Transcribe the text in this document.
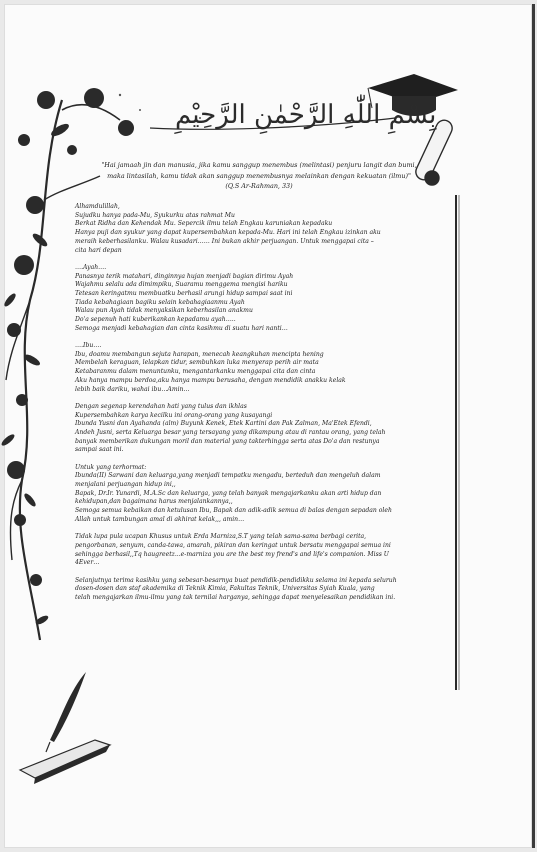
بِسْمِ اللّٰهِ الرَّحْمٰنِ الرَّحِيْمِ
"Hai jamaah jin dan manusia, jika kamu sanggup menembus (melintasi) penjuru langit dan bumi, maka lintasilah, kamu tidak akan sanggup menembusnya melainkan dengan kekuatan (ilmu)" (Q.S Ar-Rahman, 33)

Alhamdulillah,

Sujudku hanya pada-Mu, Syukurku atas rahmat Mu

Berkat Ridha dan Kehendak Mu. Sepercik ilmu telah Engkau karuniakan kepadaku

Hanya puji dan syukur yang dapat kupersembahkan kepada-Mu. Hari ini telah Engkau izinkan aku

meraih keberhasilanku. Walau kusadari…… Ini bukan akhir perjuangan. Untuk menggapai cita –

cita hari depan

….Ayah….

Panasnya terik matahari, dinginnya hujan menjadi bagian dirimu Ayah

Wajahmu selalu ada dimimpiku, Suaramu menggema mengisi hariku

Tetesan keringatmu membuatku berhasil arungi hidup sampai saat ini

Tiada kebahagiaan bagiku selain kebahagiaanmu Ayah

Walau pun Ayah tidak menyaksikan keberhasilan anakmu

Do'a sepenuh hati kuberikankan kepadamu ayah…..

Semoga menjadi kebahagian dan cinta kasihmu di suatu hari nanti…

….Ibu….

Ibu, doamu membangun sejuta harapan, menecah keangkuhan mencipta hening

Membelah keraguan, lelapkan tidur, sembuhkan luka menyerap perih air mata

Ketabaranmu dalam menuntunku, mengantarkanku menggapai cita dan cinta

Aku hanya mampu berdoa,aku hanya mampu berusaha, dengan mendidik anakku kelak

lebih baik dariku, wahai ibu…Amin…

Dengan segenap kerendahan hati yang tulus dan ikhlas

Kupersembahkan karya kecilku ini orang-orang yang kusayangi

Ibunda Yusni dan Ayahanda (alm) Buyunk Kenek, Etek Kartini dan Pak Zalman, Ma'Etek Efendi,

Andeh Jusni, serta Keluarga besar yang tersayang yang dikampung atau di rantau orang, yang telah

banyak memberikan dukungan moril dan material yang takterhingga serta atas Do'a dan restunya

sampai saat ini.

Untuk yang terhormat:

Ibunda(II) Sarwani dan keluarga,yang menjadi tempatku mengadu, berteduh dan mengeluh dalam

menjalani perjuangan hidup ini,,

Bapak, Dr.Ir. Yunardi, M.A.Sc dan keluarga, yang telah banyak mengajarkanku akan arti hidup dan

kehidupan,dan bagaimana harus menjalankannya,,

Semoga semua kebaikan dan ketulusan Ibu, Bapak dan adik-adik semua di balas dengan sepadan oleh

Allah untuk tambungan amal di akhirat kelak,,, amin…

Tidak lupa pula ucapan Khusus untuk Erda Marniza,S.T yang telah sama-sama berbagi cerita,

pengorbanan, senyum, canda-tawa, amarah, pikiran dan keringat untuk bersatu menggapai semua ini

sehingga berhasil,,Tq haugreetz...e-marniza you are the best my frend's and life's companion. Miss U

4Ever…

Selanjutnya terima kasihku yang sebesar-besarnya buat pendidik-pendidikku selama ini kepada seluruh

dosen-dosen dan staf akademika di Teknik Kimia, Fakultas Teknik, Universitas Syiah Kuala, yang

telah mengajarkan ilmu-ilmu yang tak ternilai harganya, sehingga dapat menyelesaikan pendidikan ini.
